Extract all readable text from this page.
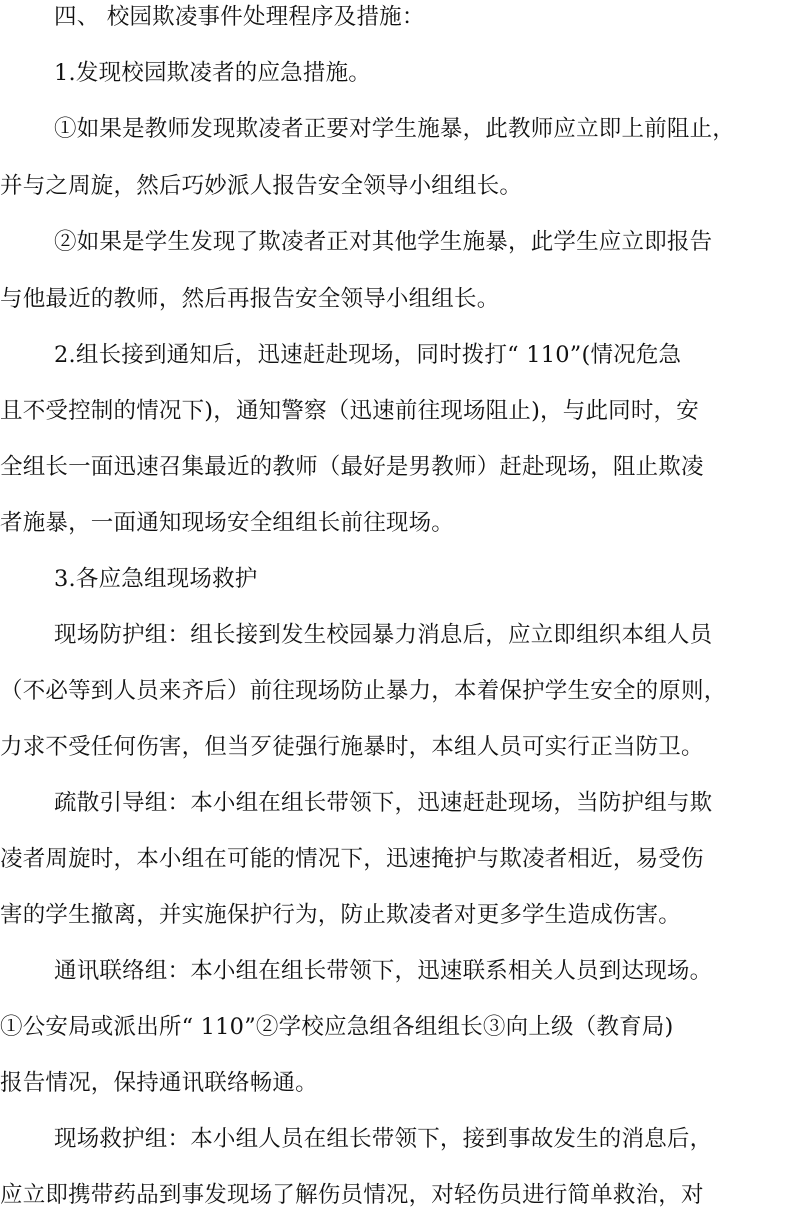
四、 校园欺凌事件处理程序及措施：

1.发现校园欺凌者的应急措施。

①如果是教师发现欺凌者正要对学生施暴，此教师应立即上前阻止，

并与之周旋，然后巧妙派人报告安全领导小组组长。

②如果是学生发现了欺凌者正对其他学生施暴，此学生应立即报告

与他最近的教师，然后再报告安全领导小组组长。

2.组长接到通知后，迅速赶赴现场，同时拨打“ 110”(情况危急

且不受控制的情况下)，通知警察（迅速前往现场阻止)，与此同时，安

全组长一面迅速召集最近的教师（最好是男教师）赶赴现场，阻止欺凌

者施暴，一面通知现场安全组组长前往现场。

3.各应急组现场救护

现场防护组：组长接到发生校园暴力消息后，应立即组织本组人员

（不必等到人员来齐后）前往现场防止暴力，本着保护学生安全的原则，

力求不受任何伤害，但当歹徒强行施暴时，本组人员可实行正当防卫。

疏散引导组：本小组在组长带领下，迅速赶赴现场，当防护组与欺

凌者周旋时，本小组在可能的情况下，迅速掩护与欺凌者相近，易受伤

害的学生撤离，并实施保护行为，防止欺凌者对更多学生造成伤害。

通讯联络组：本小组在组长带领下，迅速联系相关人员到达现场。

①公安局或派出所“ 110”②学校应急组各组组长③向上级（教育局)

报告情况，保持通讯联络畅通。

现场救护组：本小组人员在组长带领下，接到事故发生的消息后，

应立即携带药品到事发现场了解伤员情况，对轻伤员进行简单救治，对
